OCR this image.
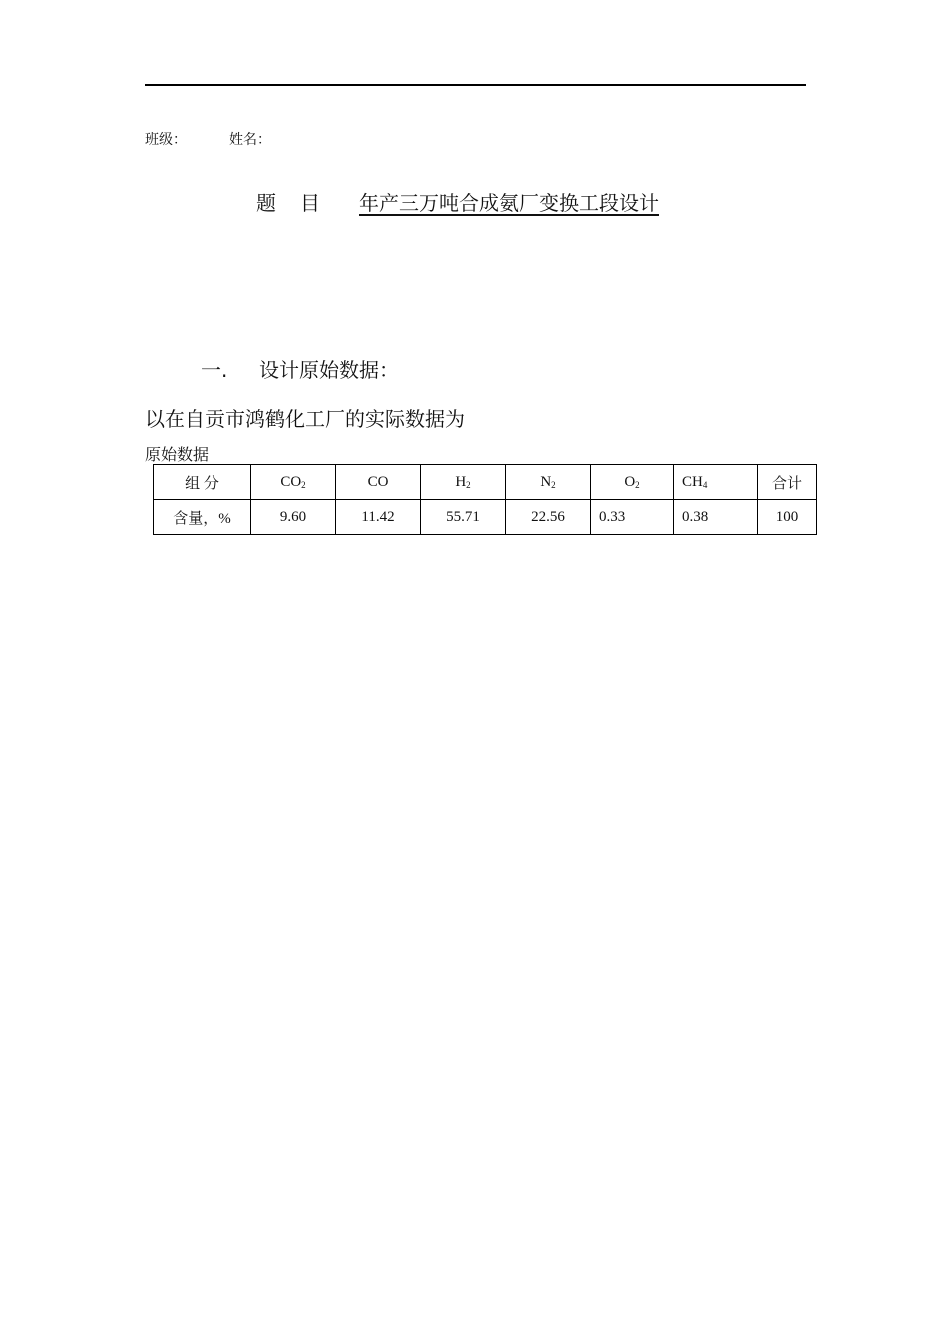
班级：	姓名：
题 目 年产三万吨合成氨厂变换工段设计
一. 设计原始数据：
以在自贡市鸿鹤化工厂的实际数据为
原始数据
组 分	$CO_2$	CO	$H_2$	$N_2$	$O_2$	$CH_4$	合计
含量，%	9.60	11.42	55.71	22.56	0.33	0.38	100
